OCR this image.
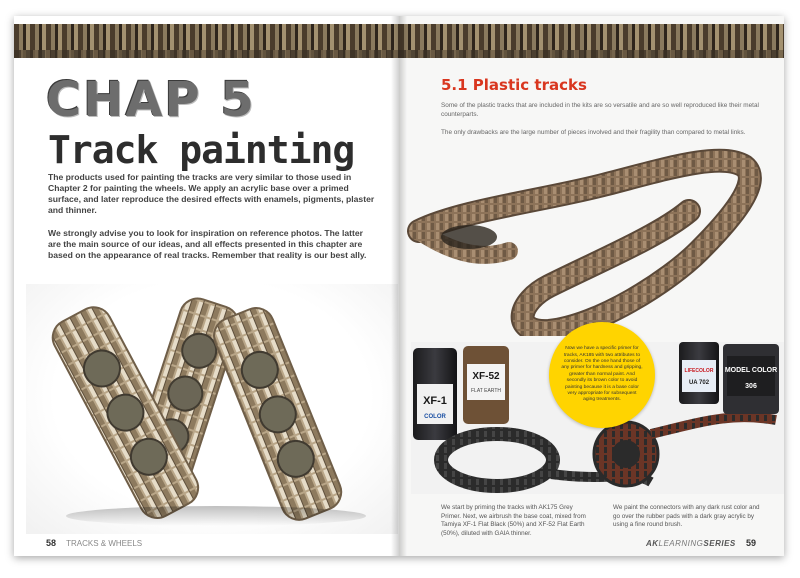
CHAP 5
Track painting

The products used for painting the tracks are very similar to those used in Chapter 2 for painting the wheels. We apply an acrylic base over a primed surface, and later reproduce the desired effects with enamels, pigments, plaster and thinner.

We strongly advise you to look for inspiration on reference photos. The latter are the main source of our ideas, and all effects presented in this chapter are based on the appearance of real tracks. Remember that reality is our best ally.

58 TRACKS & WHEELS
5.1 Plastic tracks

Some of the plastic tracks that are included in the kits are so versatile and are so well reproduced like their metal counterparts.

The only drawbacks are the large number of pieces involved and their fragility than compared to metal links.

XF-1
COLOR
XF-52
FLAT EARTH
LIFECOLOR
UA 702
MODEL COLOR
306

Now we have a specific primer for tracks, AK185 with two attributes to consider. On the one hand those of any primer for hardness and gripping, greater than normal paint. And secondly its brown color to avoid painting because it is a base color very appropriate for subsequent aging treatments.

We start by priming the tracks with AK175 Grey Primer. Next, we airbrush the base coat, mixed from Tamiya XF-1 Flat Black (50%) and XF-52 Flat Earth (50%), diluted with GAIA thinner.

We paint the connectors with any dark rust color and go over the rubber pads with a dark gray acrylic by using a fine round brush.

AKLEARNINGSERIES 59
